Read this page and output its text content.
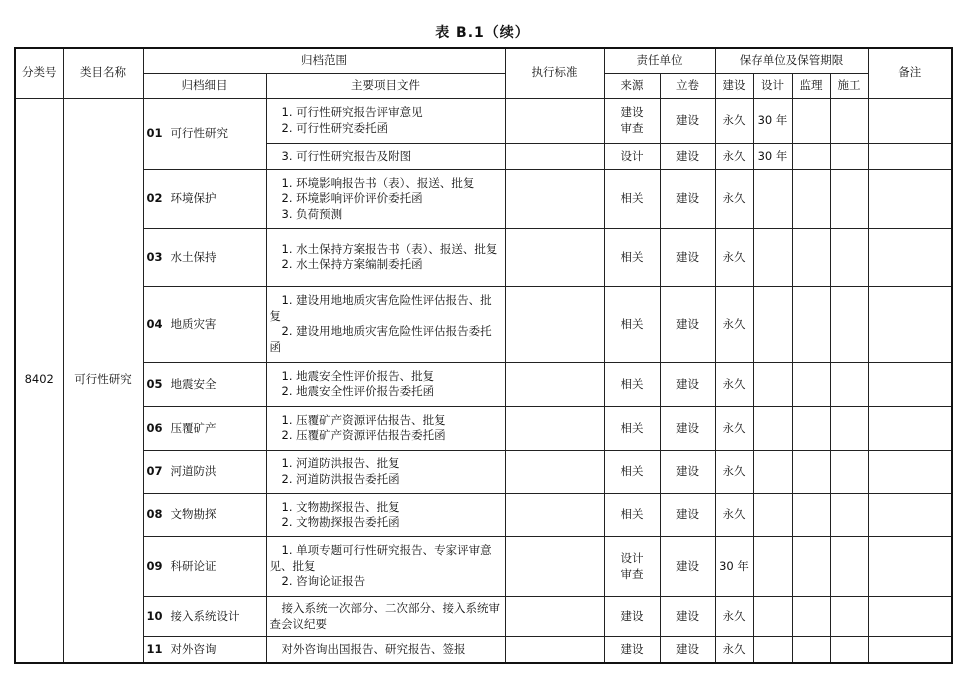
表 B.1（续）
分类号	类目名称	归档范围		执行标准	责任单位		保存单位及保管期限				备注
		归档细目	主要项目文件		来源	立卷	建设	设计	监理	施工	
8402	可行性研究	01 可行性研究	1. 可行性研究报告评审意见
2. 可行性研究委托函		建设审查	建设	永久	30 年			

			3. 可行性研究报告及附图		设计	建设	永久	30 年			
		02 环境保护	1. 环境影响报告书（表）、报送、批复
2. 环境影响评价评价委托函
3. 负荷预测		相关	建设	永久				
		03 水土保持	1. 水土保持方案报告书（表）、报送、批复
2. 水土保持方案编制委托函		相关	建设	永久				
		04 地质灾害	1. 建设用地地质灾害危险性评估报告、批复
2. 建设用地地质灾害危险性评估报告委托函		相关	建设	永久				
		05 地震安全	1. 地震安全性评价报告、批复
2. 地震安全性评价报告委托函		相关	建设	永久				
		06 压覆矿产	1. 压覆矿产资源评估报告、批复
2. 压覆矿产资源评估报告委托函		相关	建设	永久				
		07 河道防洪	1. 河道防洪报告、批复
2. 河道防洪报告委托函		相关	建设	永久				
		08 文物勘探	1. 文物勘探报告、批复
2. 文物勘探报告委托函		相关	建设	永久				
		09 科研论证	1. 单项专题可行性研究报告、专家评审意见、批复
2. 咨询论证报告		设计审查	建设	30 年				
		10 接入系统设计	接入系统一次部分、二次部分、接入系统审查会议纪要		建设	建设	永久				
		11 对外咨询	对外咨询出国报告、研究报告、签报		建设	建设	永久				
